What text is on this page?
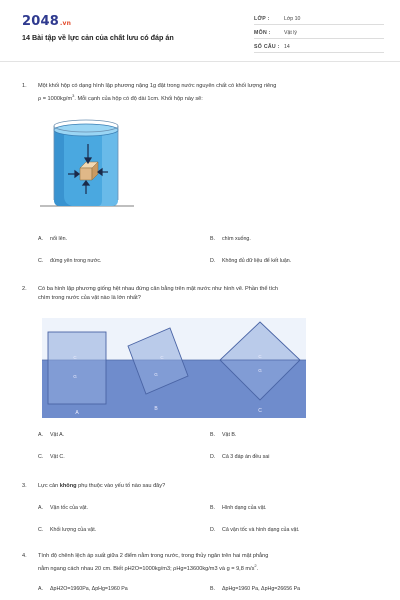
2048.vn
14 Bài tập về lực cản của chất lưu có đáp án
LỚP :	Lớp 10
MÔN :	Vật lý
SỐ CÂU : 14
1. Một khối hộp có dạng hình lập phương nặng 1g đặt trong nước nguyên chất có khối lượng riêng
$\rho = 1000kg/m^3$. Mỗi cạnh của hộp có độ dài 1cm. Khối hộp này sẽ:
A. nổi lên.	B. chìm xuống.
C. đứng yên trong nước.	D. Không đủ dữ liệu để kết luận.
2. Có ba hình lập phương giống hệt nhau đứng cân bằng trên mặt nước như hình vẽ. Phần thể tích
chìm trong nước của vật nào là lớn nhất?
C
G
A
C
G
B
C
G
C
A. Vật A.	B. Vật B.
C. Vật C.	D. Cả 3 đáp án đều sai
3. Lực cản không phụ thuộc vào yếu tố nào sau đây?
A. Vận tốc của vật.	B. Hình dạng của vật.
C. Khối lượng của vật.	D. Cả vận tốc và hình dạng của vật.
4. Tính độ chênh lệch áp suất giữa 2 điểm nằm trong nước, trong thủy ngân trên hai mặt phẳng
nằm ngang cách nhau 20 cm. Biết ρH2O=1000kg/m3; ρHg=13600kg/m3 và g = 9,8 $m/s^2$.
A. ΔpH2O=1960Pa, ΔpHg=1960 Pa	B. ΔpHg=1960 Pa, ΔpHg=26656 Pa
